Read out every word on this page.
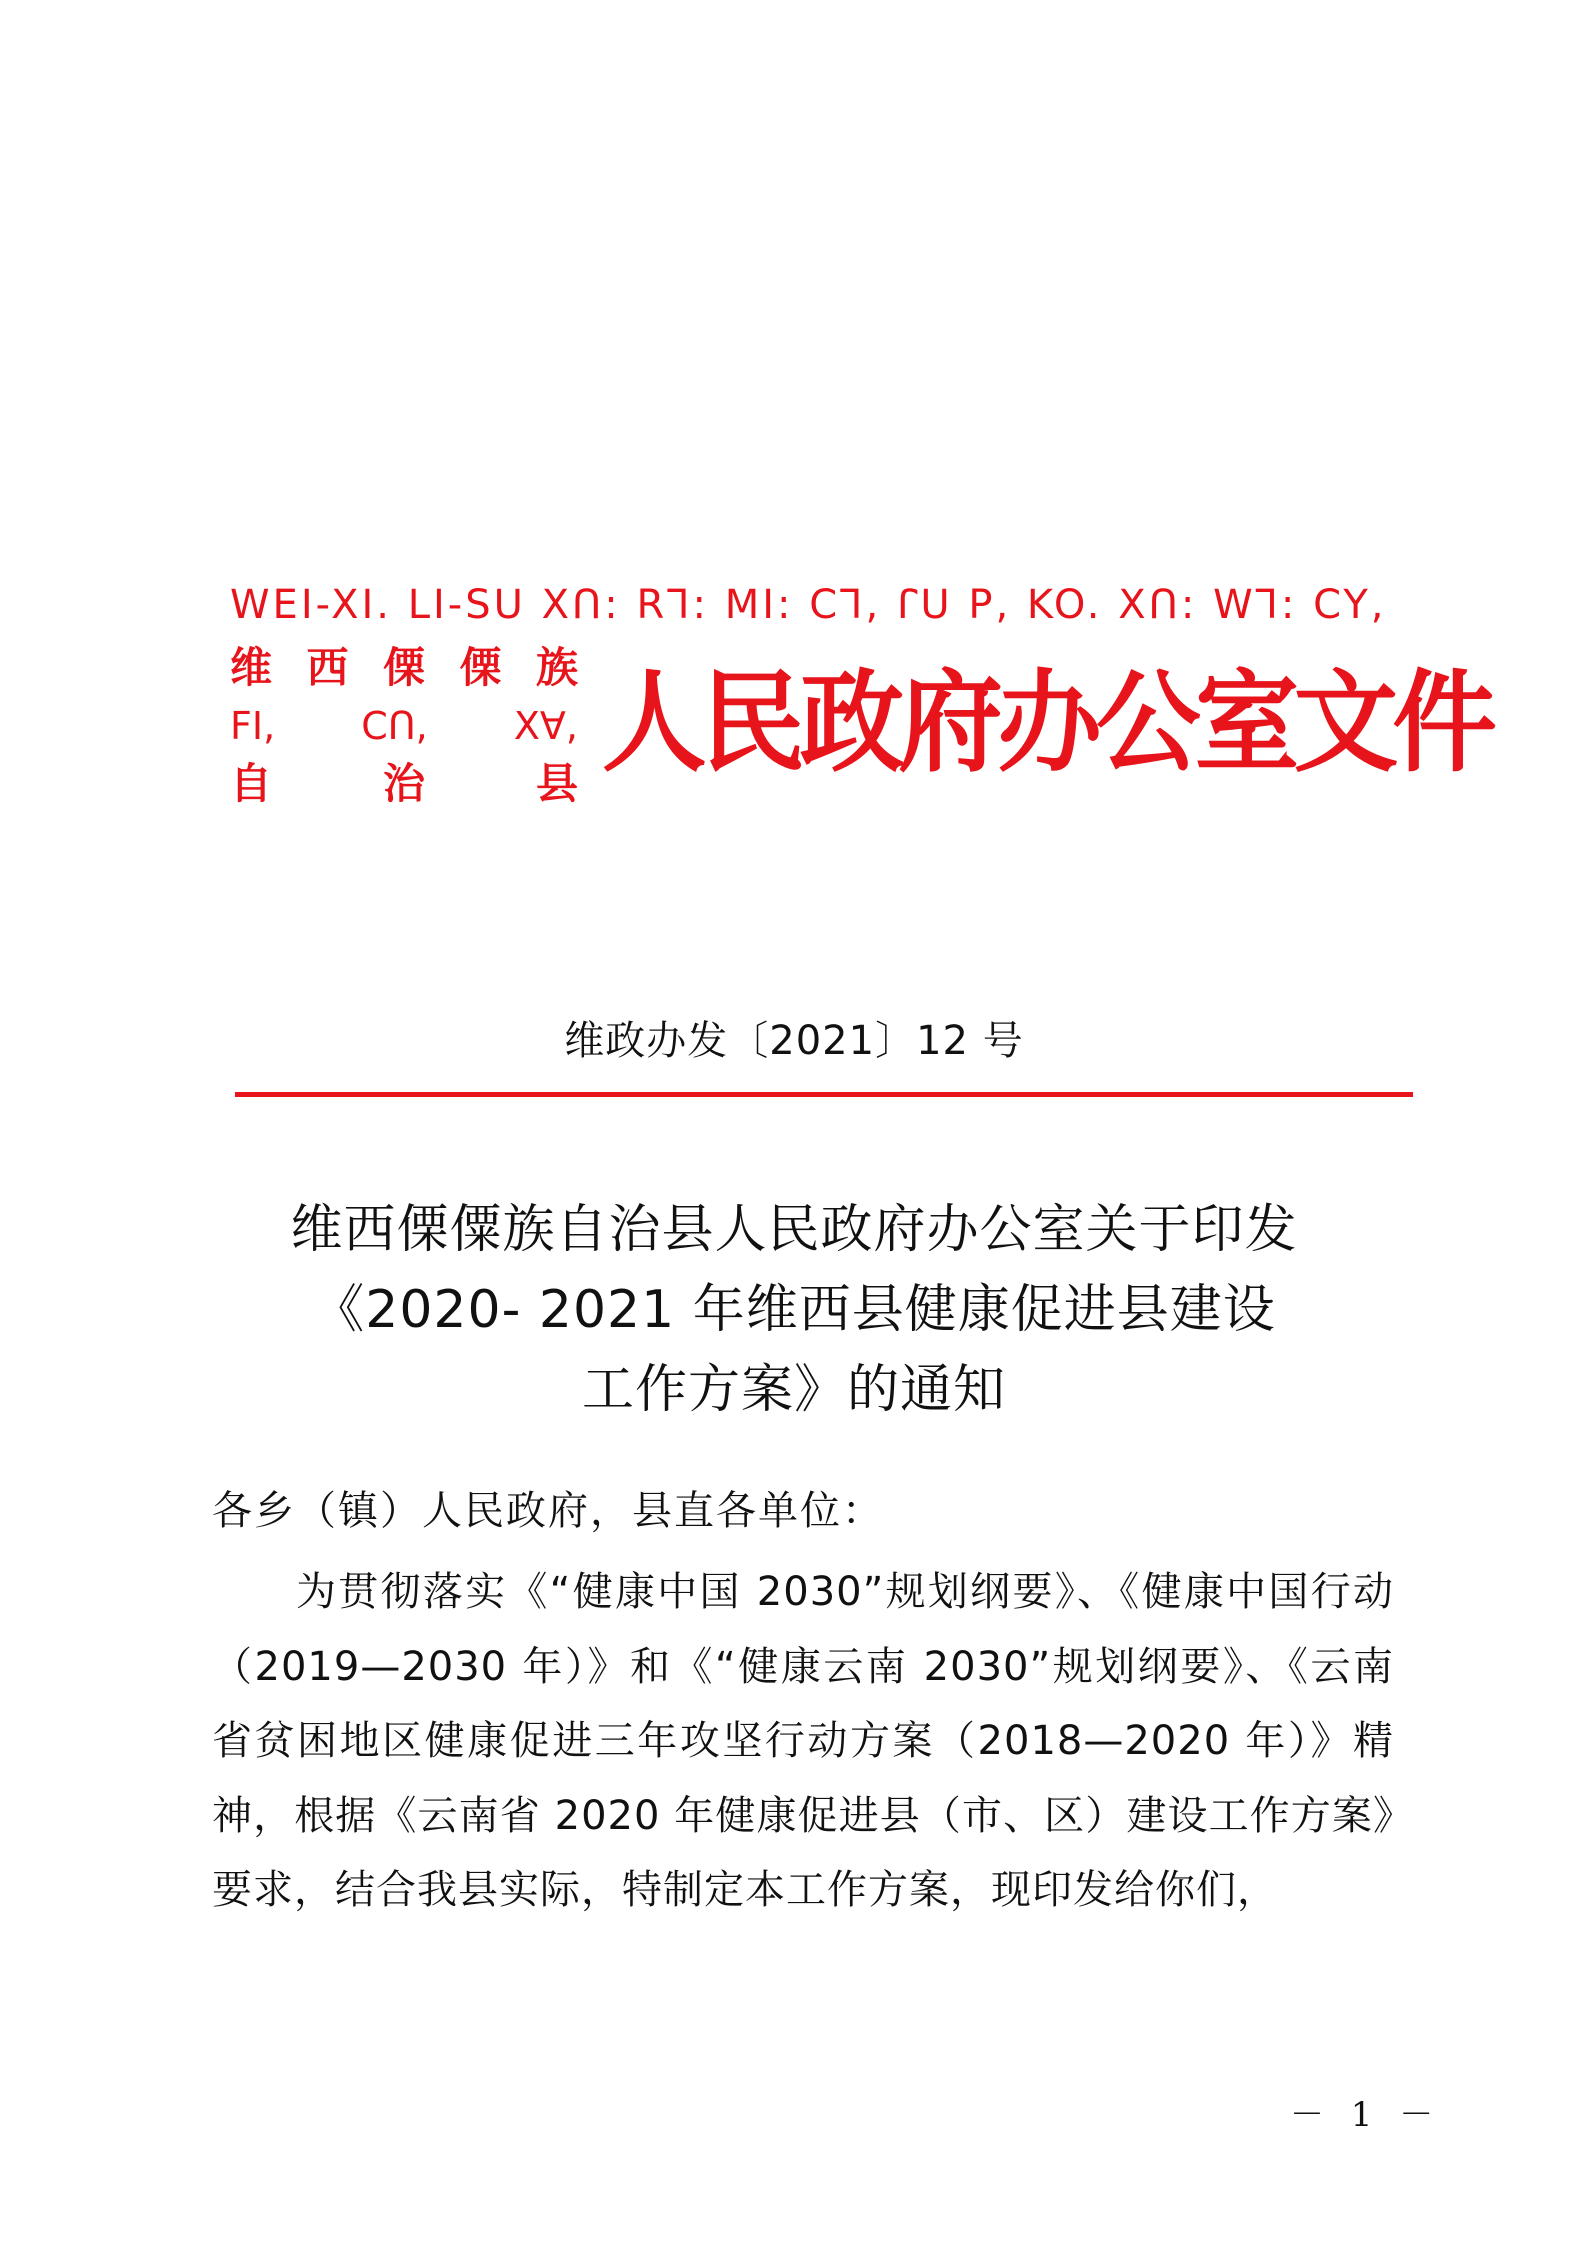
WEI-XI. LI-SU XՈ: Rꓶ: MI: Cꓶ, ꓩU P, KO. XՈ: Wꓶ: CY,
维 西 傈 傈 族
FI, CՈ, Xꓯ,
自	治	县 人民政府办公室文件
维政办发〔2021〕12 号
维西傈僳族自治县人民政府办公室关于印发
《2020- 2021 年维西县健康促进县建设
工作方案》的通知
各乡（镇）人民政府，县直各单位：
为贯彻落实《“健康中国 2030”规划纲要》、《健康中国行动（2019—2030 年）》和《“健康云南 2030”规划纲要》、《云南省贫困地区健康促进三年攻坚行动方案（2018—2020 年）》精神，根据《云南省 2020 年健康促进县（市、区）建设工作方案》要求，结合我县实际，特制定本工作方案，现印发给你们，
－ 1 －
